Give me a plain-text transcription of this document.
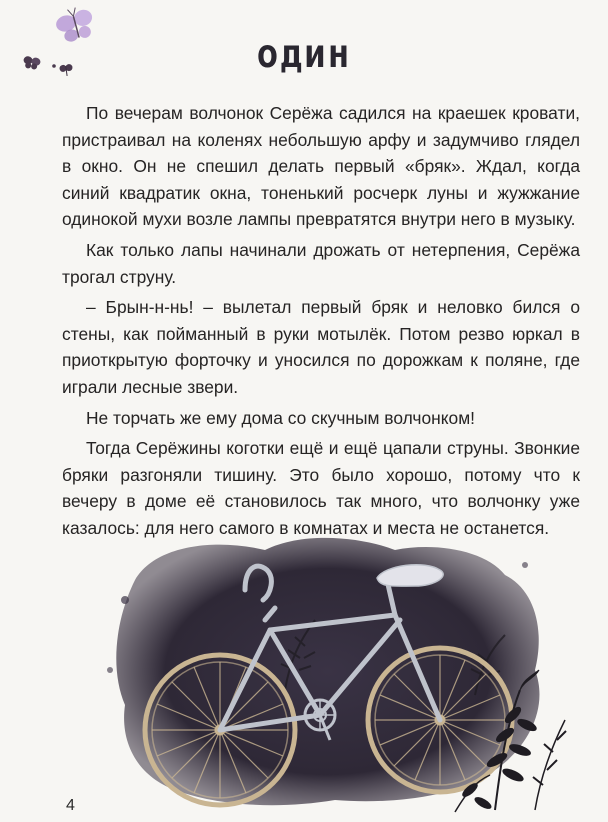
один

По вечерам волчонок Серёжа садился на краешек кровати, пристраивал на коленях небольшую арфу и задумчиво глядел в окно. Он не спешил делать первый «бряк». Ждал, когда синий квадратик окна, тоненький росчерк луны и жужжание одинокой мухи возле лампы превратятся внутри него в музыку.

Как только лапы начинали дрожать от нетерпения, Серёжа трогал струну.

– Брын-н-нь! – вылетал первый бряк и неловко бился о стены, как пойманный в руки мотылёк. Потом резво юркал в приоткрытую форточку и уносился по дорожкам к поляне, где играли лесные звери.

Не торчать же ему дома со скучным волчонком!

Тогда Серёжины коготки ещё и ещё цапали струны. Звонкие бряки разгоняли тишину. Это было хорошо, потому что к вечеру в доме её становилось так много, что волчонку уже казалось: для него самого в комнатах и места не останется.

4
